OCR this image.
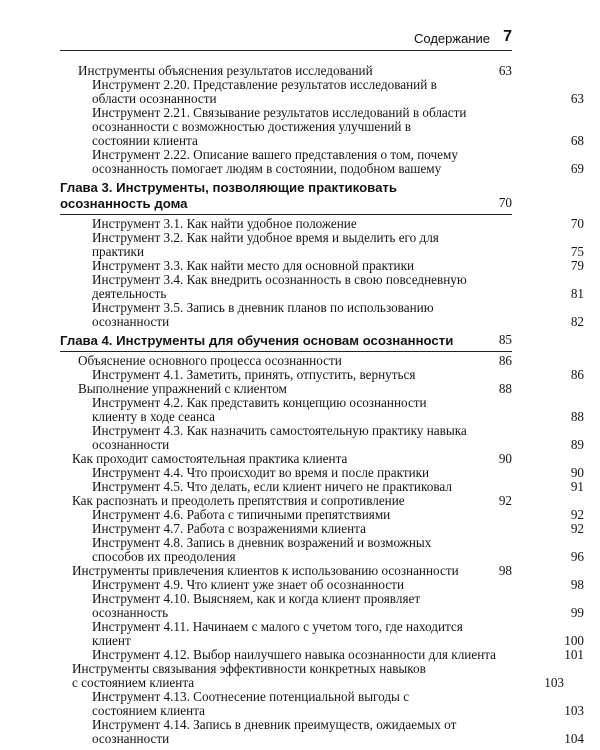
Содержание 7
Инструменты объяснения результатов исследований	63
Инструмент 2.20. Представление результатов исследований в области осознанности	63
Инструмент 2.21. Связывание результатов исследований в области осознанности с возможностью достижения улучшений в состоянии клиента	68
Инструмент 2.22. Описание вашего представления о том, почему осознанность помогает людям в состоянии, подобном вашему	69
Глава 3. Инструменты, позволяющие практиковать осознанность дома	70
Инструмент 3.1. Как найти удобное положение	70
Инструмент 3.2. Как найти удобное время и выделить его для практики	75
Инструмент 3.3. Как найти место для основной практики	79
Инструмент 3.4. Как внедрить осознанность в свою повседневную деятельность	81
Инструмент 3.5. Запись в дневник планов по использованию осознанности	82
Глава 4. Инструменты для обучения основам осознанности	85
Объяснение основного процесса осознанности	86
Инструмент 4.1. Заметить, принять, отпустить, вернуться	86
Выполнение упражнений с клиентом	88
Инструмент 4.2. Как представить концепцию осознанности клиенту в ходе сеанса	88
Инструмент 4.3. Как назначить самостоятельную практику навыка осознанности	89
Как проходит самостоятельная практика клиента	90
Инструмент 4.4. Что происходит во время и после практики	90
Инструмент 4.5. Что делать, если клиент ничего не практиковал	91
Как распознать и преодолеть препятствия и сопротивление	92
Инструмент 4.6. Работа с типичными препятствиями	92
Инструмент 4.7. Работа с возражениями клиента	92
Инструмент 4.8. Запись в дневник возражений и возможных способов их преодоления	96
Инструменты привлечения клиентов к использованию осознанности	98
Инструмент 4.9. Что клиент уже знает об осознанности	98
Инструмент 4.10. Выясняем, как и когда клиент проявляет осознанность	99
Инструмент 4.11. Начинаем с малого с учетом того, где находится клиент	100
Инструмент 4.12. Выбор наилучшего навыка осознанности для клиента	101
Инструменты связывания эффективности конкретных навыков с состоянием клиента	103
Инструмент 4.13. Соотнесение потенциальной выгоды с состоянием клиента	103
Инструмент 4.14. Запись в дневник преимуществ, ожидаемых от осознанности	104
